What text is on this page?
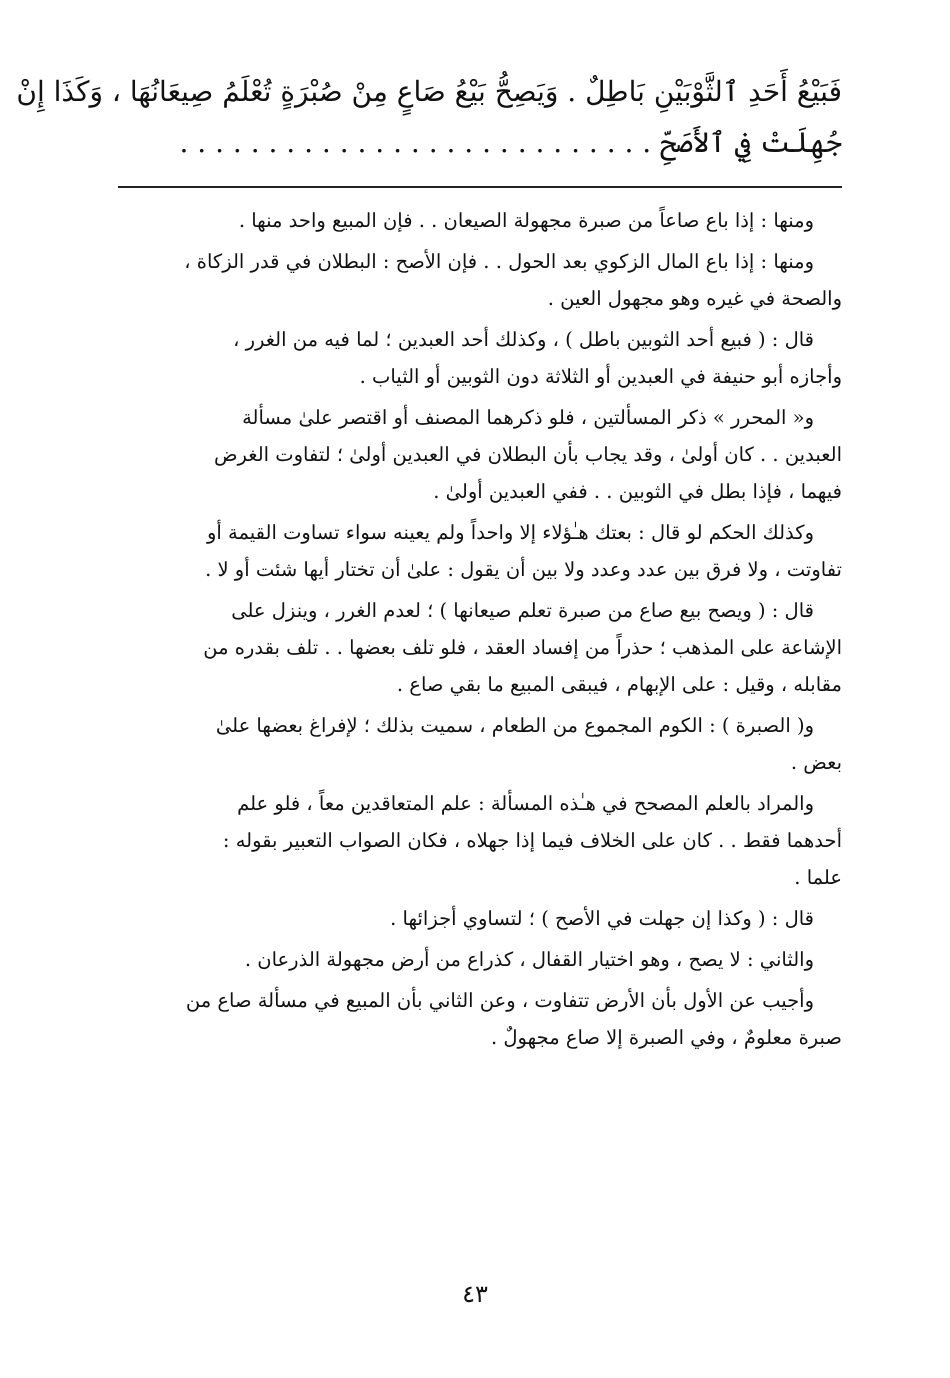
فَبَيْعُ أَحَدِ ٱلثَّوْبَيْنِ بَاطِلٌ . وَيَصِحُّ بَيْعُ صَاعٍ مِنْ صُبْرَةٍ تُعْلَمُ صِيعَانُهَا ، وَكَذَا إِنْ
جُهِلَتْ فِي ٱلأَصَحِّ . . . . . . . . . . . . . . . . . . . . . . . . . . .

ومنها : إذا باع صاعاً من صبرة مجهولة الصيعان . . فإن المبيع واحد منها .

ومنها : إذا باع المال الزكوي بعد الحول . . فإن الأصح : البطلان في قدر الزكاة ،
والصحة في غيره وهو مجهول العين .

قال : ( فبيع أحد الثوبين باطل ) ، وكذلك أحد العبدين ؛ لما فيه من الغرر ،
وأجازه أبو حنيفة في العبدين أو الثلاثة دون الثوبين أو الثياب .

و« المحرر » ذكر المسألتين ، فلو ذكرهما المصنف أو اقتصر علىٰ مسألة
العبدين . . كان أولىٰ ، وقد يجاب بأن البطلان في العبدين أولىٰ ؛ لتفاوت الغرض
فيهما ، فإذا بطل في الثوبين . . ففي العبدين أولىٰ .

وكذلك الحكم لو قال : بعتك هـٰؤلاء إلا واحداً ولم يعينه سواء تساوت القيمة أو
تفاوتت ، ولا فرق بين عدد وعدد ولا بين أن يقول : علىٰ أن تختار أيها شئت أو لا .

قال : ( ويصح بيع صاع من صبرة تعلم صيعانها ) ؛ لعدم الغرر ، وينزل على
الإشاعة على المذهب ؛ حذراً من إفساد العقد ، فلو تلف بعضها . . تلف بقدره من
مقابله ، وقيل : على الإبهام ، فيبقى المبيع ما بقي صاع .

و( الصبرة ) : الكوم المجموع من الطعام ، سميت بذلك ؛ لإفراغ بعضها علىٰ
بعض .

والمراد بالعلم المصحح في هـٰذه المسألة : علم المتعاقدين معاً ، فلو علم
أحدهما فقط . . كان على الخلاف فيما إذا جهلاه ، فكان الصواب التعبير بقوله :
علما .

قال : ( وكذا إن جهلت في الأصح ) ؛ لتساوي أجزائها .

والثاني : لا يصح ، وهو اختيار القفال ، كذراع من أرض مجهولة الذرعان .

وأجيب عن الأول بأن الأرض تتفاوت ، وعن الثاني بأن المبيع في مسألة صاع من
صبرة معلومٌ ، وفي الصبرة إلا صاع مجهولٌ .

٤٣
